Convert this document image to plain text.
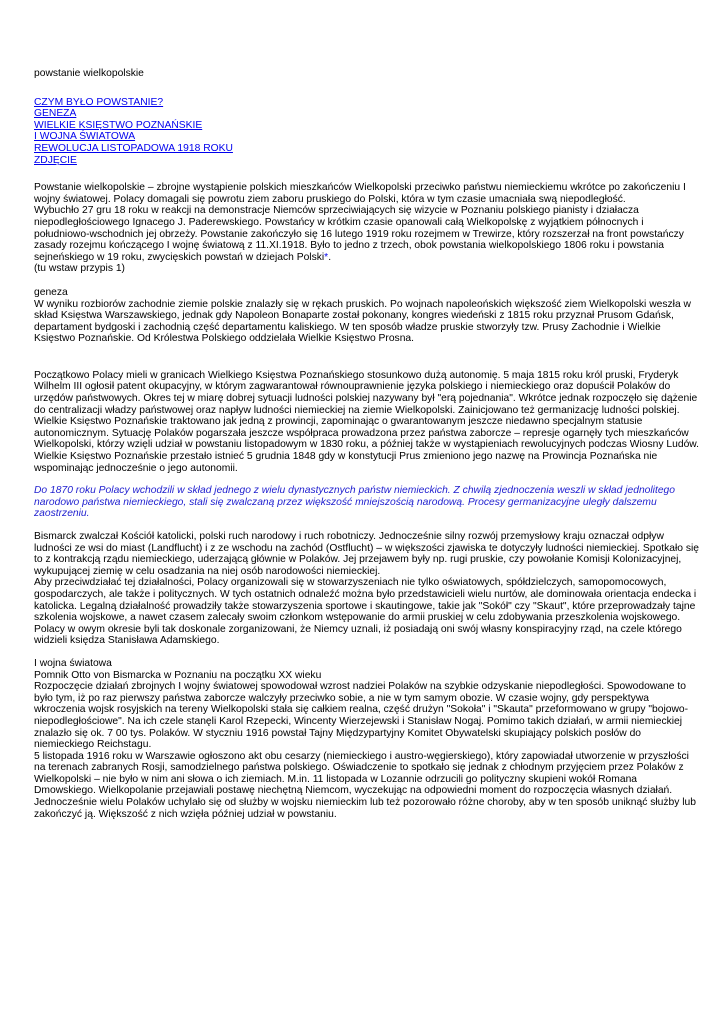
powstanie wielkopolskie
CZYM BYŁO POWSTANIE?
GENEZA
WIELKIE KSIĘSTWO POZNAŃSKIE
I WOJNA ŚWIATOWA
REWOLUCJA LISTOPADOWA 1918 ROKU
ZDJĘCIE

Powstanie wielkopolskie – zbrojne wystąpienie polskich mieszkańców Wielkopolski przeciwko państwu niemieckiemu wkrótce po zakończeniu I wojny światowej. Polacy domagali się powrotu ziem zaboru pruskiego do Polski, która w tym czasie umacniała swą niepodległość.

Wybuchło 27 gru 18 roku w reakcji na demonstracje Niemców sprzeciwiających się wizycie w Poznaniu polskiego pianisty i działacza niepodległościowego Ignacego J. Paderewskiego. Powstańcy w krótkim czasie opanowali całą Wielkopolskę z wyjątkiem północnych i południowo-wschodnich jej obrzeży. Powstanie zakończyło się 16 lutego 1919 roku rozejmem w Trewirze, który rozszerzał na front powstańczy zasady rozejmu kończącego I wojnę światową z 11.XI.1918. Było to jedno z trzech, obok powstania wielkopolskiego 1806 roku i powstania sejneńskiego w 19 roku, zwycięskich powstań w dziejach Polski*.

(tu wstaw przypis 1)

geneza

W wyniku rozbiorów zachodnie ziemie polskie znalazły się w rękach pruskich. Po wojnach napoleońskich większość ziem Wielkopolski weszła w skład Księstwa Warszawskiego, jednak gdy Napoleon Bonaparte został pokonany, kongres wiedeński z 1815 roku przyznał Prusom Gdańsk, departament bydgoski i zachodnią część departamentu kaliskiego. W ten sposób władze pruskie stworzyły tzw. Prusy Zachodnie i Wielkie Księstwo Poznańskie. Od Królestwa Polskiego oddzielała Wielkie Księstwo Prosna.

Początkowo Polacy mieli w granicach Wielkiego Księstwa Poznańskiego stosunkowo dużą autonomię. 5 maja 1815 roku król pruski, Fryderyk Wilhelm III ogłosił patent okupacyjny, w którym zagwarantował równouprawnienie języka polskiego i niemieckiego oraz dopuścił Polaków do urzędów państwowych. Okres tej w miarę dobrej sytuacji ludności polskiej nazywany był "erą pojednania". Wkrótce jednak rozpoczęło się dążenie do centralizacji władzy państwowej oraz napływ ludności niemieckiej na ziemie Wielkopolski. Zainicjowano też germanizację ludności polskiej. Wielkie Księstwo Poznańskie traktowano jak jedną z prowincji, zapominając o gwarantowanym jeszcze niedawno specjalnym statusie autonomicznym. Sytuację Polaków pogarszała jeszcze współpraca prowadzona przez państwa zaborcze – represje ogarnęły tych mieszkańców Wielkopolski, którzy wzięli udział w powstaniu listopadowym w 1830 roku, a później także w wystąpieniach rewolucyjnych podczas Wiosny Ludów. Wielkie Księstwo Poznańskie przestało istnieć 5 grudnia 1848 gdy w konstytucji Prus zmieniono jego nazwę na Prowincja Poznańska nie wspominając jednocześnie o jego autonomii.

Do 1870 roku Polacy wchodzili w skład jednego z wielu dynastycznych państw niemieckich. Z chwilą zjednoczenia weszli w skład jednolitego narodowo państwa niemieckiego, stali się zwalczaną przez większość mniejszością narodową. Procesy germanizacyjne uległy dalszemu zaostrzeniu.

Bismarck zwalczał Kościół katolicki, polski ruch narodowy i ruch robotniczy. Jednocześnie silny rozwój przemysłowy kraju oznaczał odpływ ludności ze wsi do miast (Landflucht) i z ze wschodu na zachód (Ostflucht) – w większości zjawiska te dotyczyły ludności niemieckiej. Spotkało się to z kontrakcją rządu niemieckiego, uderzającą głównie w Polaków. Jej przejawem były np. rugi pruskie, czy powołanie Komisji Kolonizacyjnej, wykupującej ziemię w celu osadzania na niej osób narodowości niemieckiej.

Aby przeciwdziałać tej działalności, Polacy organizowali się w stowarzyszeniach nie tylko oświatowych, spółdzielczych, samopomocowych, gospodarczych, ale także i politycznych. W tych ostatnich odnaleźć można było przedstawicieli wielu nurtów, ale dominowała orientacja endecka i katolicka. Legalną działalność prowadziły także stowarzyszenia sportowe i skautingowe, takie jak "Sokół" czy "Skaut", które przeprowadzały tajne szkolenia wojskowe, a nawet czasem zalecały swoim członkom wstępowanie do armii pruskiej w celu zdobywania przeszkolenia wojskowego. Polacy w owym okresie byli tak doskonale zorganizowani, że Niemcy uznali, iż posiadają oni swój własny konspiracyjny rząd, na czele którego widzieli księdza Stanisława Adamskiego.

I wojna światowa

Pomnik Otto von Bismarcka w Poznaniu na początku XX wieku

Rozpoczęcie działań zbrojnych I wojny światowej spowodował wzrost nadziei Polaków na szybkie odzyskanie niepodległości. Spowodowane to było tym, iż po raz pierwszy państwa zaborcze walczyły przeciwko sobie, a nie w tym samym obozie. W czasie wojny, gdy perspektywa wkroczenia wojsk rosyjskich na tereny Wielkopolski stała się całkiem realna, część drużyn "Sokoła" i "Skauta" przeformowano w grupy "bojowo-niepodległościowe". Na ich czele stanęli Karol Rzepecki, Wincenty Wierzejewski i Stanisław Nogaj. Pomimo takich działań, w armii niemieckiej znalazło się ok. 7 00 tys. Polaków. W styczniu 1916 powstał Tajny Międzypartyjny Komitet Obywatelski skupiający polskich posłów do niemieckiego Reichstagu.

5 listopada 1916 roku w Warszawie ogłoszono akt obu cesarzy (niemieckiego i austro-węgierskiego), który zapowiadał utworzenie w przyszłości na terenach zabranych Rosji, samodzielnego państwa polskiego. Oświadczenie to spotkało się jednak z chłodnym przyjęciem przez Polaków z Wielkopolski – nie było w nim ani słowa o ich ziemiach. M.in. 11 listopada w Lozannie odrzucili go polityczny skupieni wokół Romana Dmowskiego. Wielkopolanie przejawiali postawę niechętną Niemcom, wyczekując na odpowiedni moment do rozpoczęcia własnych działań. Jednocześnie wielu Polaków uchylało się od służby w wojsku niemieckim lub też pozorowało różne choroby, aby w ten sposób uniknąć służby lub zakończyć ją. Większość z nich wzięła później udział w powstaniu.
